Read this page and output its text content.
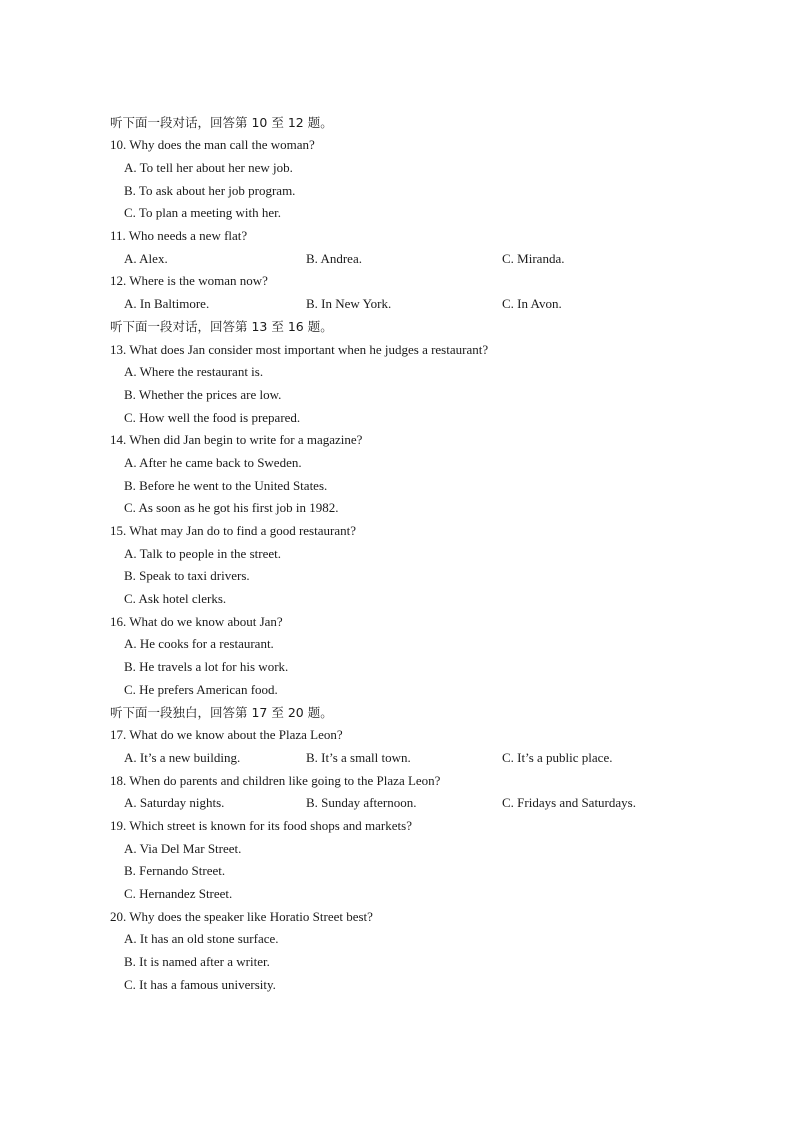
听下面一段对话，回答第 10 至 12 题。
10. Why does the man call the woman?
A. To tell her about her new job.
B. To ask about her job program.
C. To plan a meeting with her.
11. Who needs a new flat?
A. Alex.	B. Andrea.	C. Miranda.
12. Where is the woman now?
A. In Baltimore.	B. In New York.	C. In Avon.
听下面一段对话，回答第 13 至 16 题。
13. What does Jan consider most important when he judges a restaurant?
A. Where the restaurant is.
B. Whether the prices are low.
C. How well the food is prepared.
14. When did Jan begin to write for a magazine?
A. After he came back to Sweden.
B. Before he went to the United States.
C. As soon as he got his first job in 1982.
15. What may Jan do to find a good restaurant?
A. Talk to people in the street.
B. Speak to taxi drivers.
C. Ask hotel clerks.
16. What do we know about Jan?
A. He cooks for a restaurant.
B. He travels a lot for his work.
C. He prefers American food.
听下面一段独白，回答第 17 至 20 题。
17. What do we know about the Plaza Leon?
A. It’s a new building.	B. It’s a small town.	C. It’s a public place.
18. When do parents and children like going to the Plaza Leon?
A. Saturday nights.	B. Sunday afternoon.	C. Fridays and Saturdays.
19. Which street is known for its food shops and markets?
A. Via Del Mar Street.
B. Fernando Street.
C. Hernandez Street.
20. Why does the speaker like Horatio Street best?
A. It has an old stone surface.
B. It is named after a writer.
C. It has a famous university.
